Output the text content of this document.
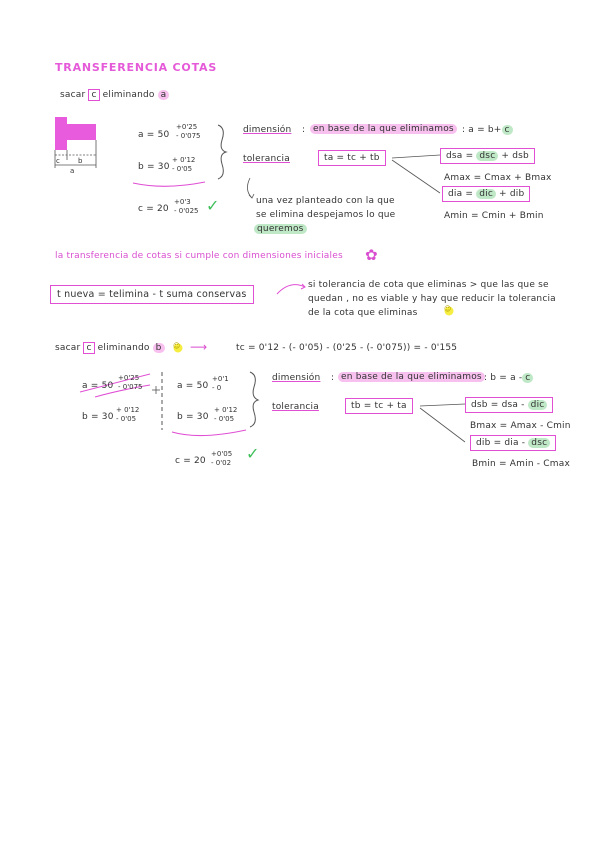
TRANSFERENCIA COTAS
sacar c eliminando a
c	b
a
a = 50
+0'25
- 0'075
b = 30
+ 0'12
- 0'05
c = 20
+0'3
- 0'025 ✓
dimensión : en base de la que eliminamos : a = b+ c
tolerancia	ta = tc + tb	dsa = dsc + dsb
Amax = Cmax + Bmax
dia = dic + dib
Amin = Cmin + Bmin
una vez planteado con la que
se elimina despejamos lo que
queremos
la transferencia de cotas si cumple con dimensiones iniciales ✿
t nueva = telimina - t suma conservas
si tolerancia de cota que eliminas > que las que se
quedan , no es viable y hay que reducir la tolerancia
de la cota que eliminas	☺
sacar c eliminando b	☺ ⟶	tc = 0'12 - (- 0'05) - (0'25 - (- 0'075)) = - 0'155
a = 50
+0'25
- 0'075
b = 30
+ 0'12
- 0'05
a = 50
+0'1
- 0
b = 30
+ 0'12
- 0'05
c = 20
+0'05
- 0'02 ✓
dimensión : en base de la que eliminamos : b = a - c
tolerancia	tb = tc + ta	dsb = dsa - dic
Bmax = Amax - Cmin
dib = dia - dsc
Bmin = Amin - Cmax
